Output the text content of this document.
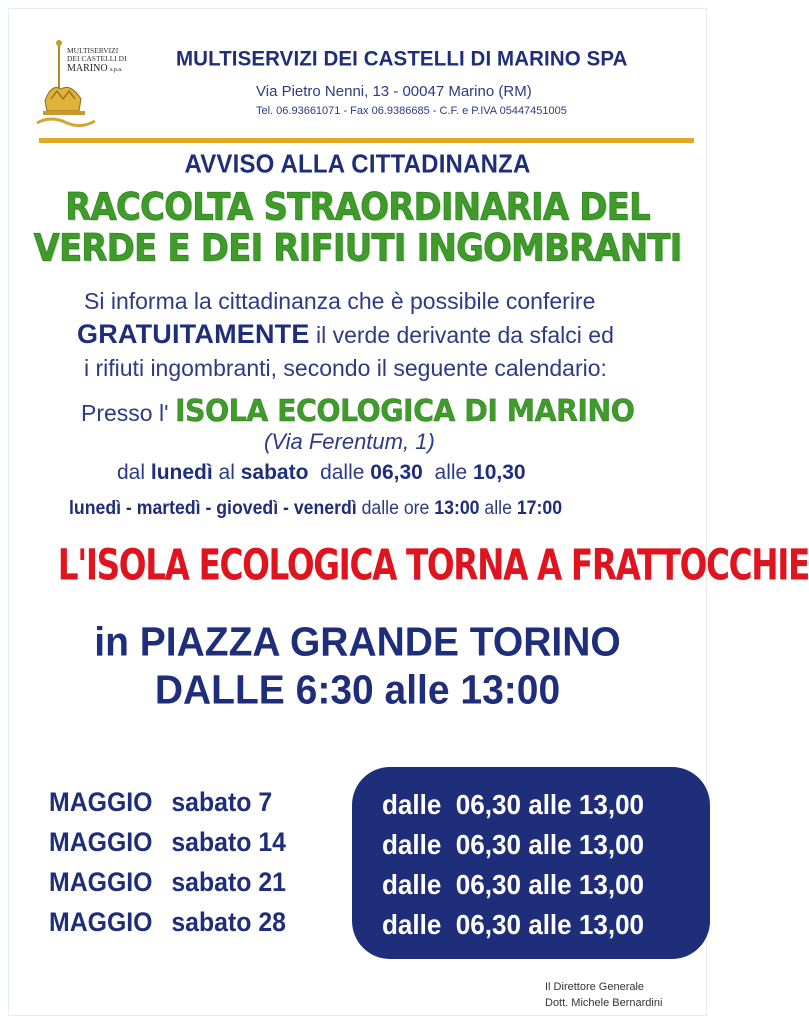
MULTISERVIZI
DEI CASTELLI DI
MARINO s.p.a.	MULTISERVIZI DEI CASTELLI DI MARINO SPA
Via Pietro Nenni, 13 - 00047 Marino (RM)
Tel. 06.93661071 - Fax 06.9386685 - C.F. e P.IVA 05447451005
AVVISO ALLA CITTADINANZA
RACCOLTA STRAORDINARIA DEL
VERDE E DEI RIFIUTI INGOMBRANTI
Si informa la cittadinanza che è possibile conferire
GRATUITAMENTE il verde derivante da sfalci ed
i rifiuti ingombranti, secondo il seguente calendario:
Presso l' ISOLA ECOLOGICA DI MARINO
(Via Ferentum, 1)
dal lunedì al sabato  dalle 06,30  alle 10,30
lunedì - martedì - giovedì - venerdì dalle ore 13:00 alle 17:00
L'ISOLA ECOLOGICA TORNA A FRATTOCCHIE
in PIAZZA GRANDE TORINO
DALLE 6:30 alle 13:00
MAGGIO sabato 7
MAGGIO sabato 14
MAGGIO sabato 21
MAGGIO sabato 28
dalle  06,30 alle 13,00
dalle  06,30 alle 13,00
dalle  06,30 alle 13,00
dalle  06,30 alle 13,00
Il Direttore Generale
Dott. Michele Bernardini
